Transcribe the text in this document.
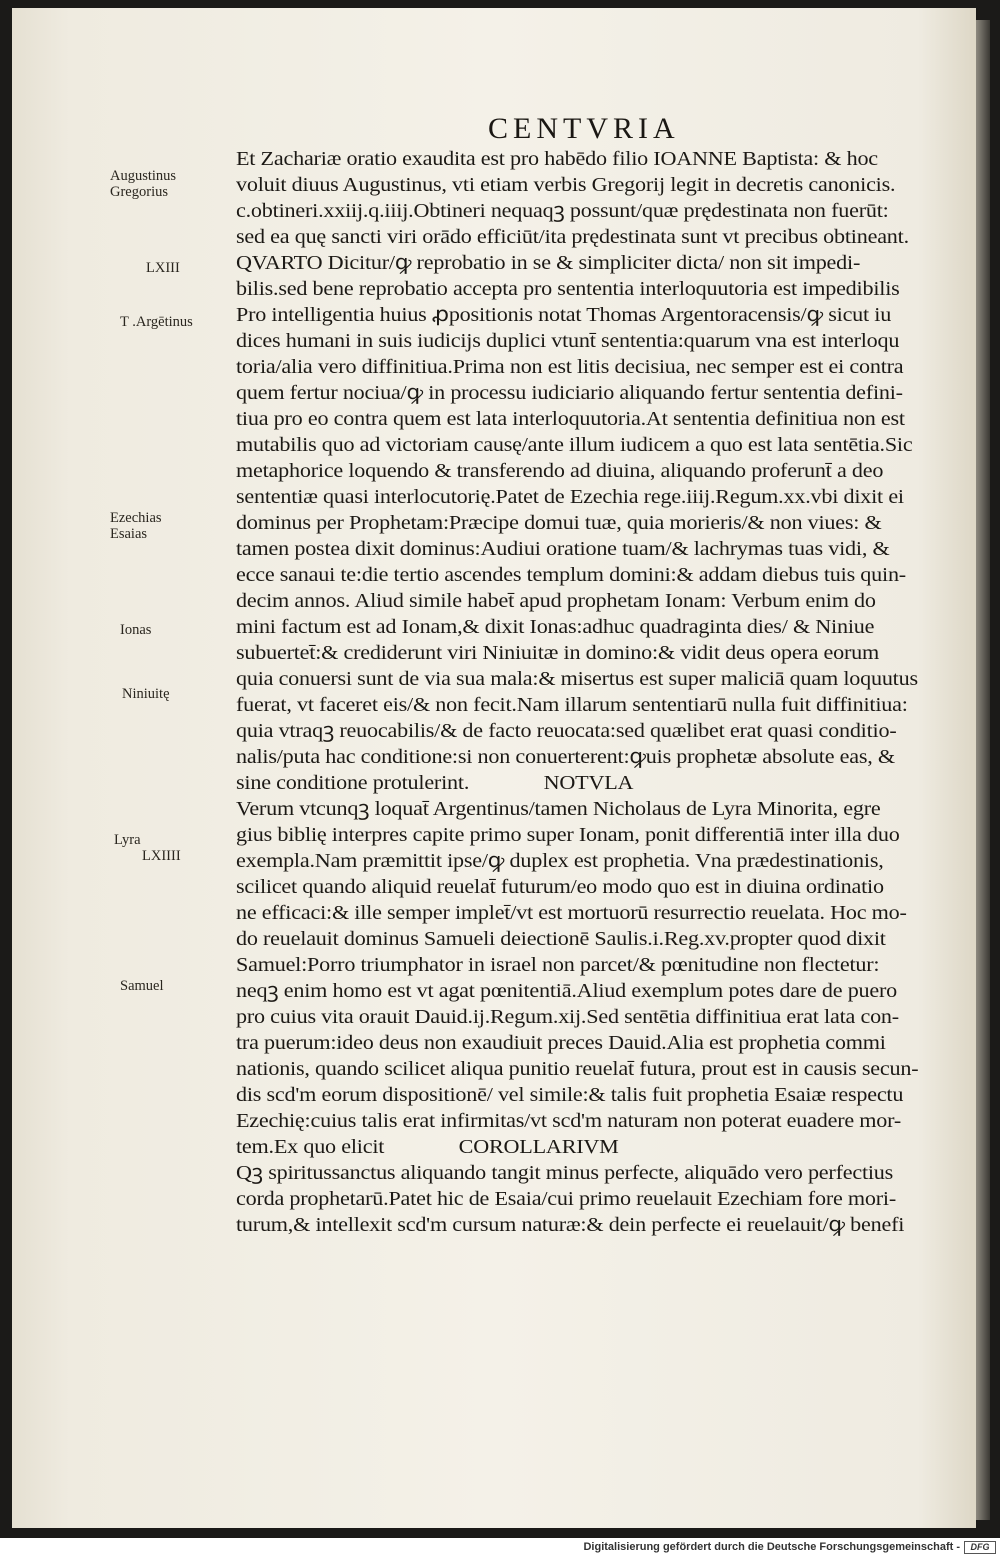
CENTVRIA
Augustinus
Gregorius
LXIII
T .Argētinus
Ezechias
Esaias
Ionas
Niniuitę
Lyra
LXIIII
Samuel
Et Zachariæ oratio exaudita est pro habēdo filio IOANNE Baptista: & hoc
voluit diuus Augustinus, vti etiam verbis Gregorij legit in decretis canonicis.
c.obtineri.xxiij.q.iiij.Obtineri nequaqꝫ possunt/quæ prędestinata non fuerūt:
sed ea quę sancti viri orādo efficiūt/ita prędestinata sunt vt precibus obtineant.
QVARTO Dicitur/ꝙ reprobatio in se & simpliciter dicta/ non sit impedi-
bilis.sed bene reprobatio accepta pro sententia interloquutoria est impedibilis
Pro intelligentia huius ꝓpositionis notat Thomas Argentoracensis/ꝙ sicut iu
dices humani in suis iudicijs duplici vtunt̄ sententia:quarum vna est interloqu
toria/alia vero diffinitiua.Prima non est litis decisiua, nec semper est ei contra
quem fertur nociua/ꝙ in processu iudiciario aliquando fertur sententia defini-
tiua pro eo contra quem est lata interloquutoria.At sententia definitiua non est
mutabilis quo ad victoriam causę/ante illum iudicem a quo est lata sentētia.Sic
metaphorice loquendo & transferendo ad diuina, aliquando proferunt̄ a deo
sententiæ quasi interlocutorię.Patet de Ezechia rege.iiij.Regum.xx.vbi dixit ei
dominus per Prophetam:Præcipe domui tuæ, quia morieris/& non viues: &
tamen postea dixit dominus:Audiui oratione tuam/& lachrymas tuas vidi, &
ecce sanaui te:die tertio ascendes templum domini:& addam diebus tuis quin-
decim annos. Aliud simile habet̄ apud prophetam Ionam: Verbum enim do
mini factum est ad Ionam,& dixit Ionas:adhuc quadraginta dies/ & Niniue
subuertet̄:& crediderunt viri Niniuitæ in domino:& vidit deus opera eorum
quia conuersi sunt de via sua mala:& misertus est super maliciā quam loquutus
fuerat, vt faceret eis/& non fecit.Nam illarum sententiarū nulla fuit diffinitiua:
quia vtraqꝫ reuocabilis/& de facto reuocata:sed quælibet erat quasi conditio-
nalis/puta hac conditione:si non conuerterent:ꝙuis prophetæ absolute eas, &
sine conditione protulerint.              NOTVLA
Verum vtcunqꝫ loquat̄ Argentinus/tamen Nicholaus de Lyra Minorita, egre
gius biblię interpres capite primo super Ionam, ponit differentiā inter illa duo
exempla.Nam præmittit ipse/ꝙ duplex est prophetia. Vna prædestinationis,
scilicet quando aliquid reuelat̄ futurum/eo modo quo est in diuina ordinatio
ne efficaci:& ille semper implet̄/vt est mortuorū resurrectio reuelata. Hoc mo-
do reuelauit dominus Samueli deiectionē Saulis.i.Reg.xv.propter quod dixit
Samuel:Porro triumphator in israel non parcet/& pœnitudine non flectetur:
neqꝫ enim homo est vt agat pœnitentiā.Aliud exemplum potes dare de puero
pro cuius vita orauit Dauid.ij.Regum.xij.Sed sentētia diffinitiua erat lata con-
tra puerum:ideo deus non exaudiuit preces Dauid.Alia est prophetia commi
nationis, quando scilicet aliqua punitio reuelat̄ futura, prout est in causis secun-
dis scd'm eorum dispositionē/ vel simile:& talis fuit prophetia Esaiæ respectu
Ezechię:cuius talis erat infirmitas/vt scd'm naturam non poterat euadere mor-
tem.Ex quo elicit              COROLLARIVM
Qꝫ spiritussanctus aliquando tangit minus perfecte, aliquādo vero perfectius
corda prophetarū.Patet hic de Esaia/cui primo reuelauit Ezechiam fore mori-
turum,& intellexit scd'm cursum naturæ:& dein perfecte ei reuelauit/ꝙ benefi
Digitalisierung gefördert durch die Deutsche Forschungsgemeinschaft -	DFG
